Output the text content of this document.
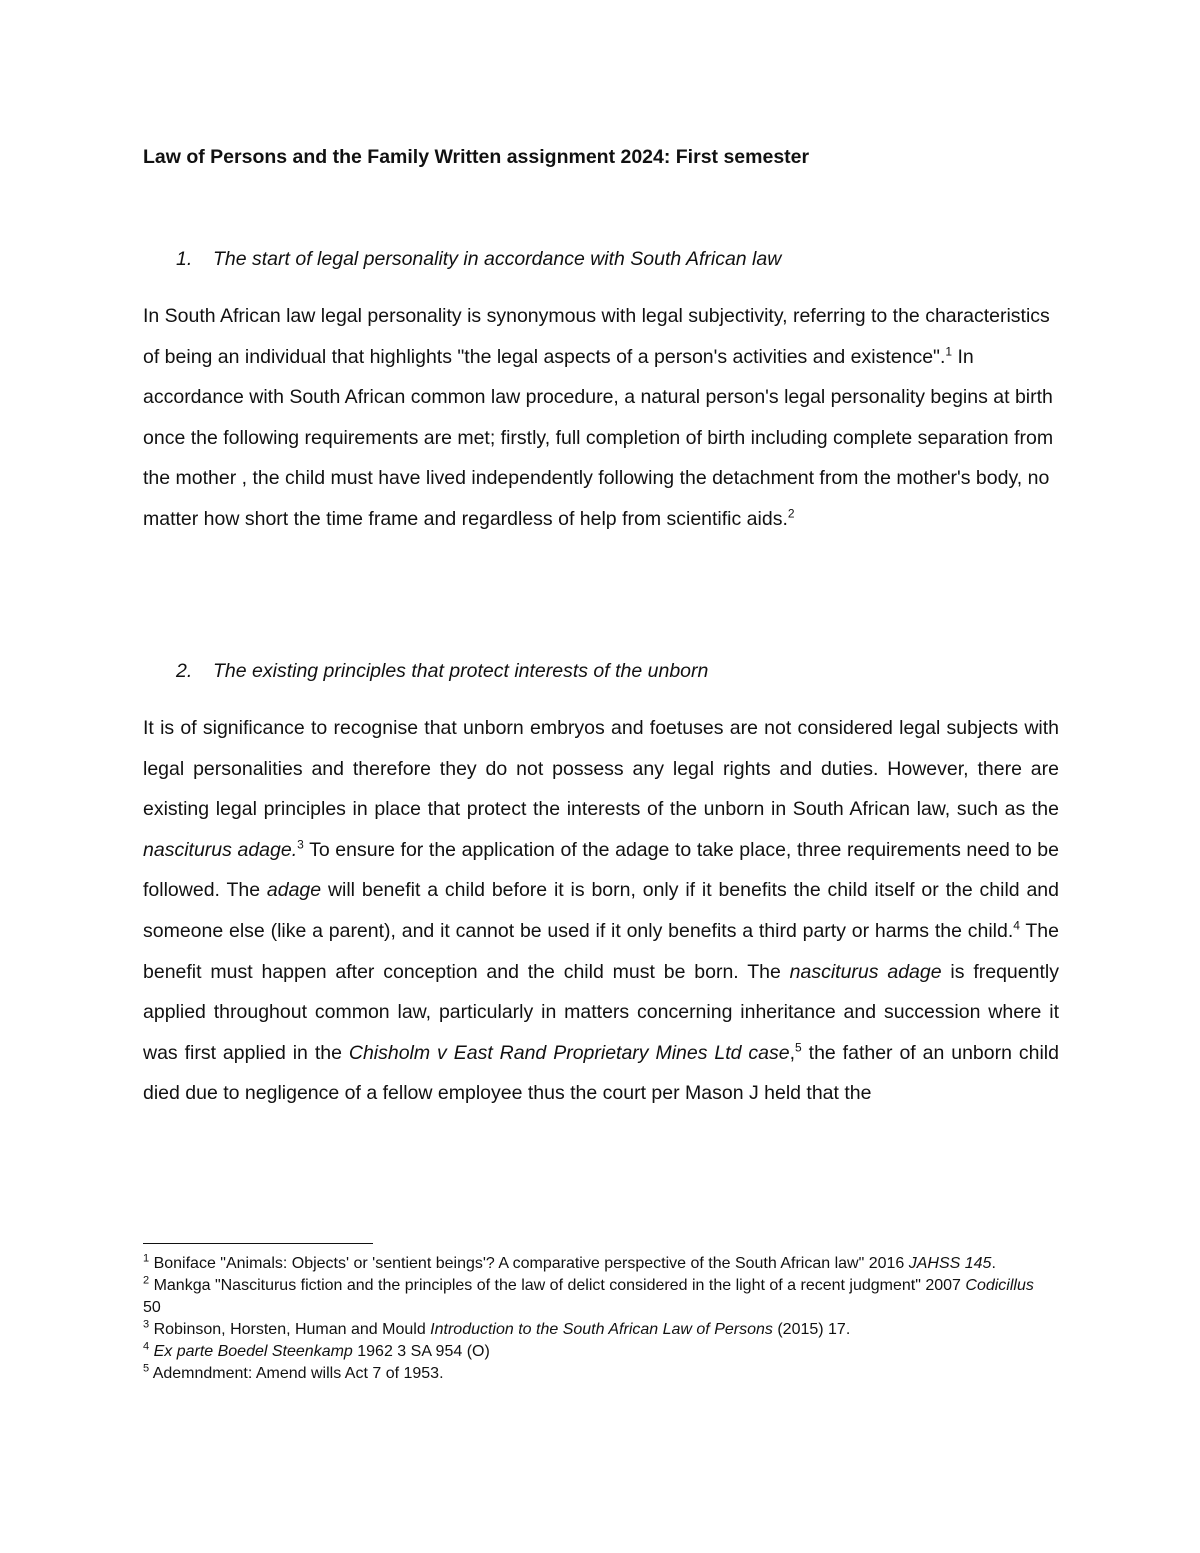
Law of Persons and the Family Written assignment 2024: First semester
1. The start of legal personality in accordance with South African law
In South African law legal personality is synonymous with legal subjectivity, referring to the characteristics of being an individual that highlights "the legal aspects of a person's activities and existence".$^1$ In accordance with South African common law procedure, a natural person's legal personality begins at birth once the following requirements are met; firstly, full completion of birth including complete separation from the mother , the child must have lived independently following the detachment from the mother's body, no matter how short the time frame and regardless of help from scientific aids.$^2$
2. The existing principles that protect interests of the unborn
It is of significance to recognise that unborn embryos and foetuses are not considered legal subjects with legal personalities and therefore they do not possess any legal rights and duties. However, there are existing legal principles in place that protect the interests of the unborn in South African law, such as the nasciturus adage.$^3$ To ensure for the application of the adage to take place, three requirements need to be followed. The adage will benefit a child before it is born, only if it benefits the child itself or the child and someone else (like a parent), and it cannot be used if it only benefits a third party or harms the child.$^4$ The benefit must happen after conception and the child must be born. The nasciturus adage is frequently applied throughout common law, particularly in matters concerning inheritance and succession where it was first applied in the Chisholm v East Rand Proprietary Mines Ltd case,$^5$ the father of an unborn child died due to negligence of a fellow employee thus the court per Mason J held that the

$^1$ Boniface "Animals: Objects' or 'sentient beings'? A comparative perspective of the South African law" 2016 JAHSS 145.

$^2$ Mankga "Nasciturus fiction and the principles of the law of delict considered in the light of a recent judgment" 2007 Codicillus 50

$^3$ Robinson, Horsten, Human and Mould Introduction to the South African Law of Persons (2015) 17.

$^4$ Ex parte Boedel Steenkamp 1962 3 SA 954 (O)

$^5$ Ademndment: Amend wills Act 7 of 1953.
